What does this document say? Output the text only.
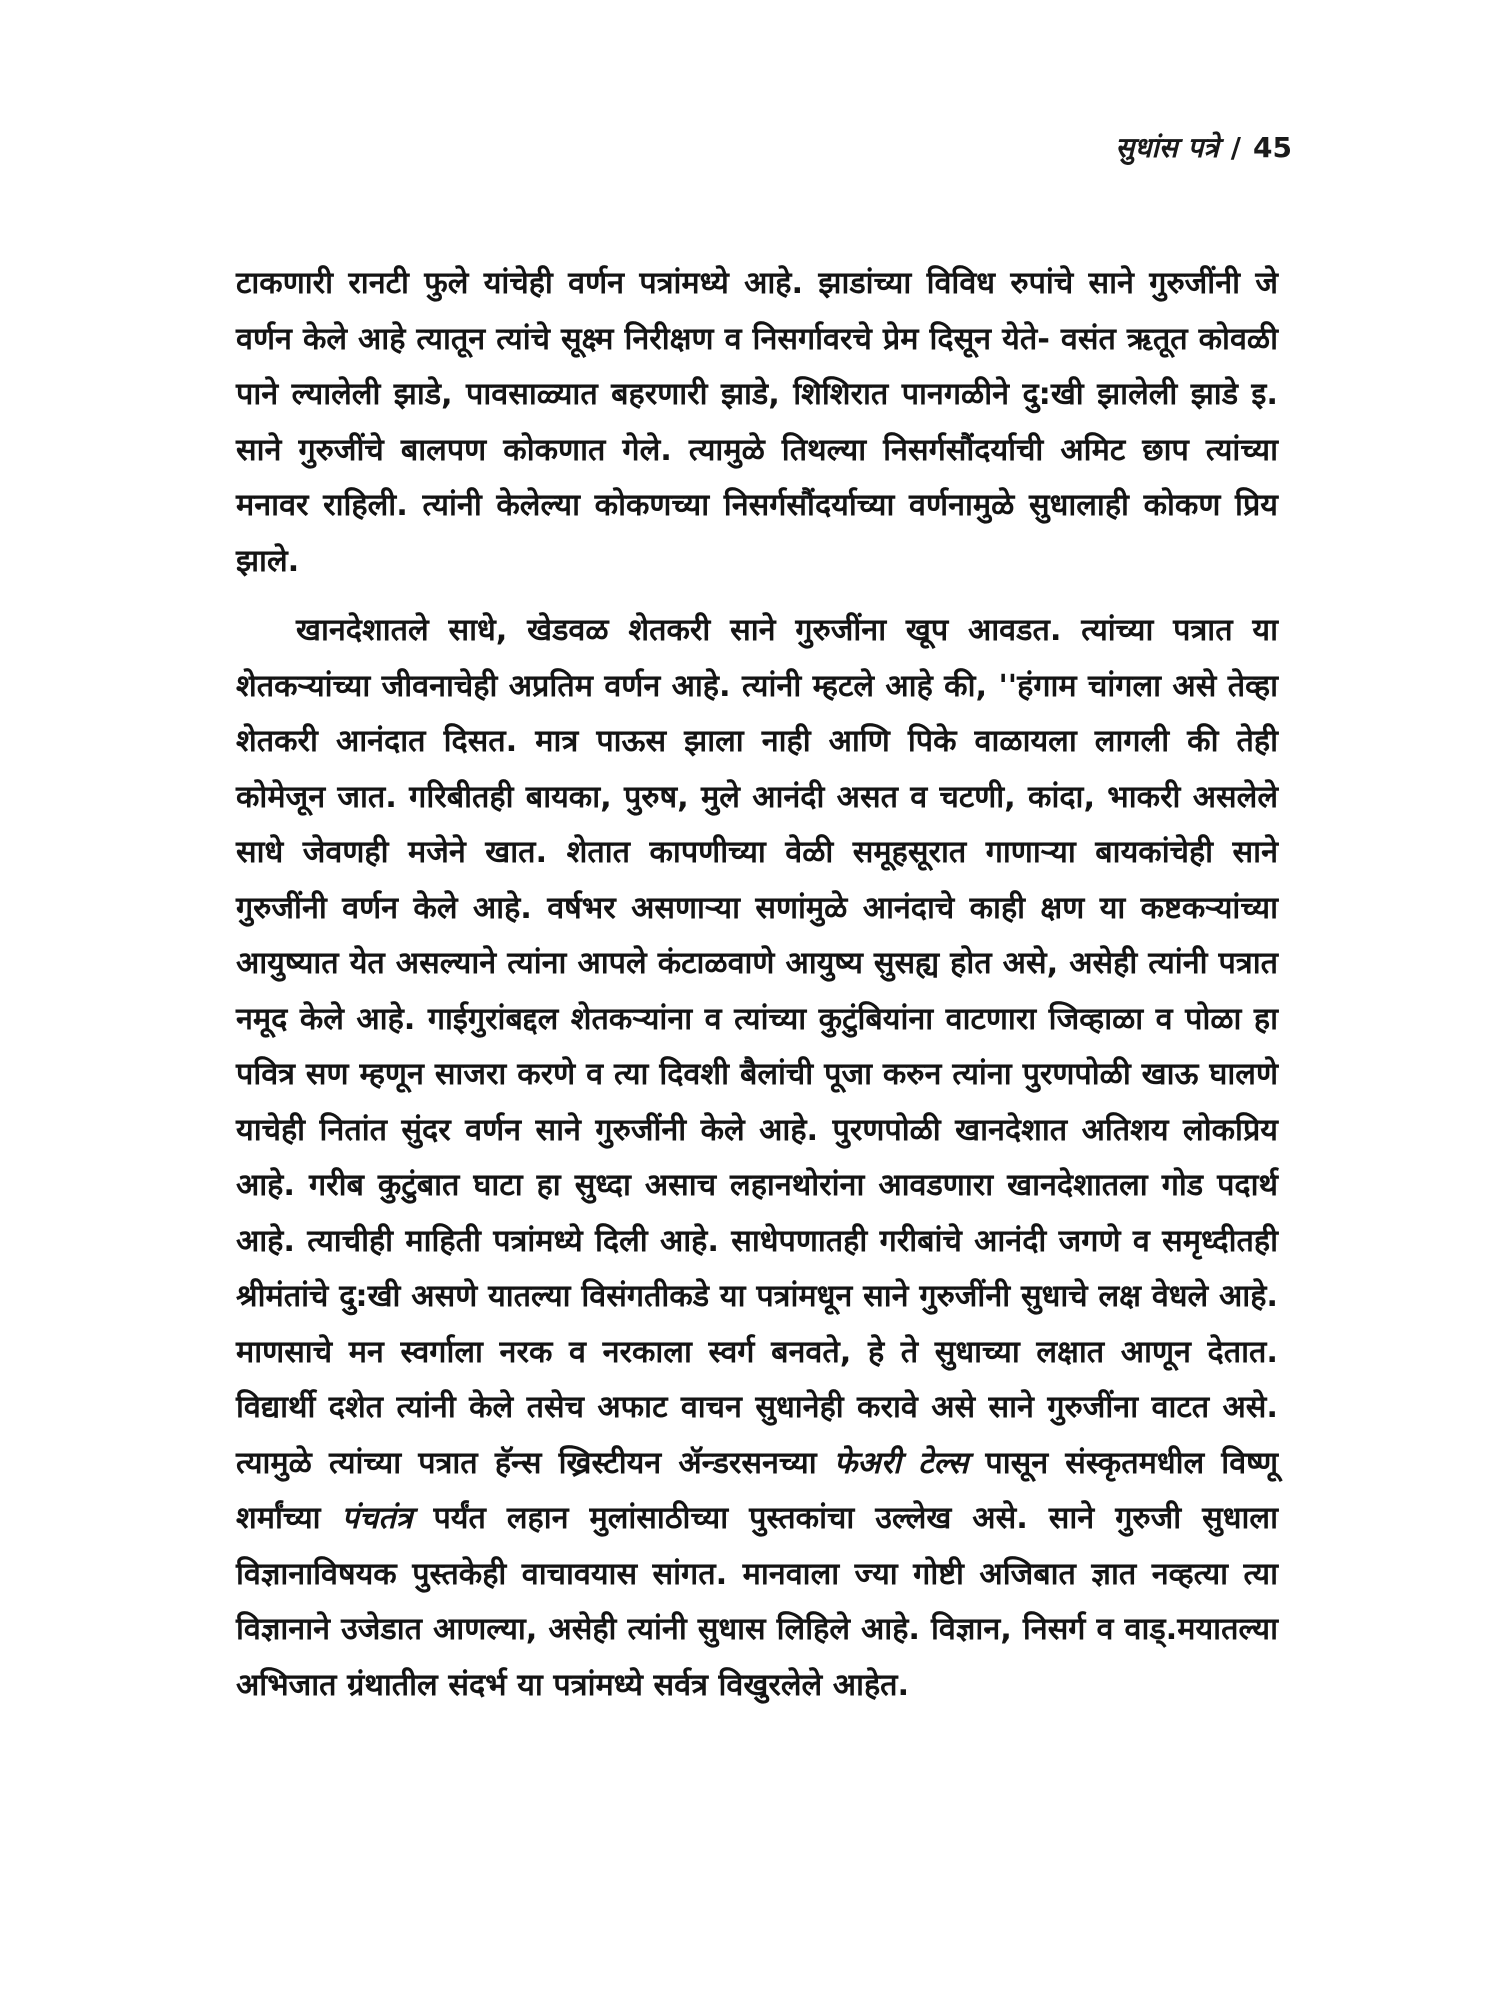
सुधांस पत्रे / 45

टाकणारी रानटी फुले यांचेही वर्णन पत्रांमध्ये आहे. झाडांच्या विविध रुपांचे साने गुरुजींनी जे वर्णन केले आहे त्यातून त्यांचे सूक्ष्म निरीक्षण व निसर्गावरचे प्रेम दिसून येते- वसंत ऋतूत कोवळी पाने ल्यालेली झाडे, पावसाळ्यात बहरणारी झाडे, शिशिरात पानगळीने दु:खी झालेली झाडे इ. साने गुरुजींचे बालपण कोकणात गेले. त्यामुळे तिथल्या निसर्गसौंदर्याची अमिट छाप त्यांच्या मनावर राहिली. त्यांनी केलेल्या कोकणच्या निसर्गसौंदर्याच्या वर्णनामुळे सुधालाही कोकण प्रिय झाले.

खानदेशातले साधे, खेडवळ शेतकरी साने गुरुजींना खूप आवडत. त्यांच्या पत्रात या शेतकऱ्यांच्या जीवनाचेही अप्रतिम वर्णन आहे. त्यांनी म्हटले आहे की, ''हंगाम चांगला असे तेव्हा शेतकरी आनंदात दिसत. मात्र पाऊस झाला नाही आणि पिके वाळायला लागली की तेही कोमेजून जात. गरिबीतही बायका, पुरुष, मुले आनंदी असत व चटणी, कांदा, भाकरी असलेले साधे जेवणही मजेने खात. शेतात कापणीच्या वेळी समूहसूरात गाणाऱ्या बायकांचेही साने गुरुजींनी वर्णन केले आहे. वर्षभर असणाऱ्या सणांमुळे आनंदाचे काही क्षण या कष्टकऱ्यांच्या आयुष्यात येत असल्याने त्यांना आपले कंटाळवाणे आयुष्य सुसह्य होत असे, असेही त्यांनी पत्रात नमूद केले आहे. गाईगुरांबद्दल शेतकऱ्यांना व त्यांच्या कुटुंबियांना वाटणारा जिव्हाळा व पोळा हा पवित्र सण म्हणून साजरा करणे व त्या दिवशी बैलांची पूजा करुन त्यांना पुरणपोळी खाऊ घालणे याचेही नितांत सुंदर वर्णन साने गुरुजींनी केले आहे. पुरणपोळी खानदेशात अतिशय लोकप्रिय आहे. गरीब कुटुंबात घाटा हा सुध्दा असाच लहानथोरांना आवडणारा खानदेशातला गोड पदार्थ आहे. त्याचीही माहिती पत्रांमध्ये दिली आहे. साधेपणातही गरीबांचे आनंदी जगणे व समृध्दीतही श्रीमंतांचे दु:खी असणे यातल्या विसंगतीकडे या पत्रांमधून साने गुरुजींनी सुधाचे लक्ष वेधले आहे. माणसाचे मन स्वर्गाला नरक व नरकाला स्वर्ग बनवते, हे ते सुधाच्या लक्षात आणून देतात. विद्यार्थी दशेत त्यांनी केले तसेच अफाट वाचन सुधानेही करावे असे साने गुरुजींना वाटत असे. त्यामुळे त्यांच्या पत्रात हॅन्स ख्रिस्टीयन ॲन्डरसनच्या फेअरी टेल्स पासून संस्कृतमधील विष्णू शर्मांच्या पंचतंत्र पर्यंत लहान मुलांसाठीच्या पुस्तकांचा उल्लेख असे. साने गुरुजी सुधाला विज्ञानाविषयक पुस्तकेही वाचावयास सांगत. मानवाला ज्या गोष्टी अजिबात ज्ञात नव्हत्या त्या विज्ञानाने उजेडात आणल्या, असेही त्यांनी सुधास लिहिले आहे. विज्ञान, निसर्ग व वाड्.मयातल्या अभिजात ग्रंथातील संदर्भ या पत्रांमध्ये सर्वत्र विखुरलेले आहेत.
